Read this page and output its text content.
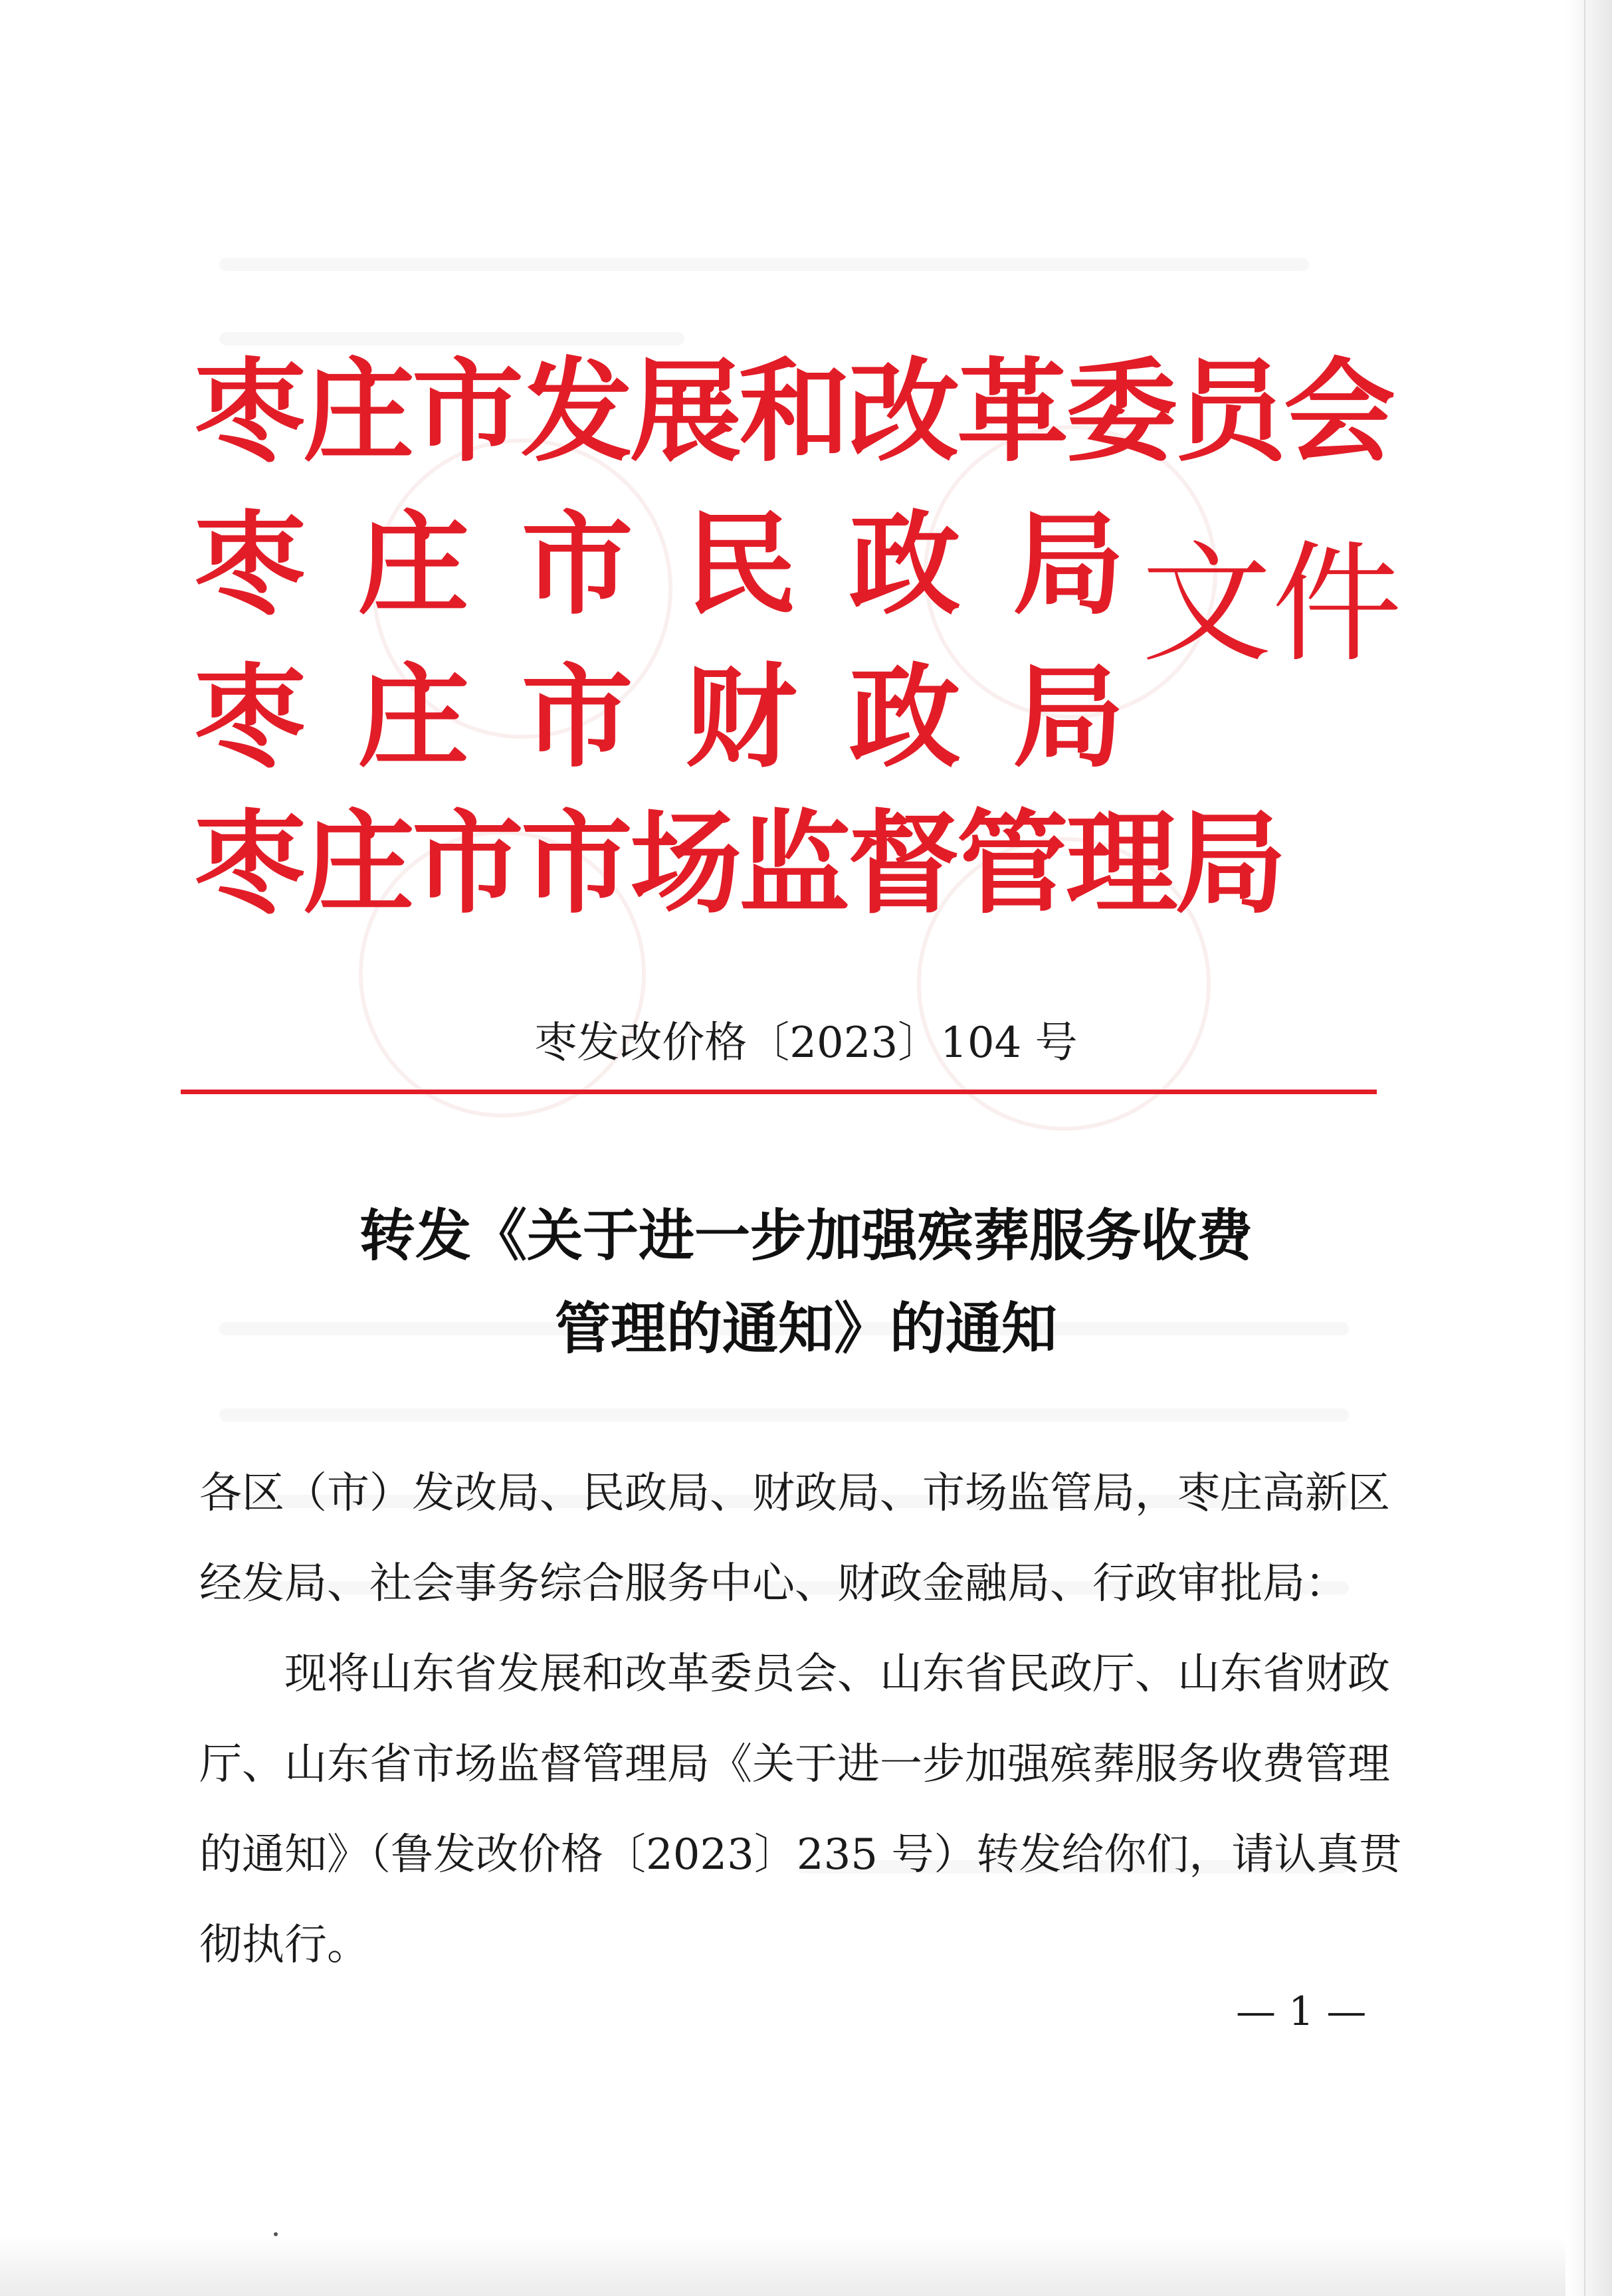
枣庄市发展和改革委员会
枣 庄 市 民 政 局
枣 庄 市 财 政 局
枣庄市市场监督管理局
文件
枣发改价格〔2023〕104 号
转发《关于进一步加强殡葬服务收费
管理的通知》的通知
各区（市）发改局、民政局、财政局、市场监管局，枣庄高新区
经发局、社会事务综合服务中心、财政金融局、行政审批局：
现将山东省发展和改革委员会、山东省民政厅、山东省财政
厅、山东省市场监督管理局《关于进一步加强殡葬服务收费管理
的通知》（鲁发改价格〔2023〕235 号）转发给你们，请认真贯
彻执行。
— 1 —
